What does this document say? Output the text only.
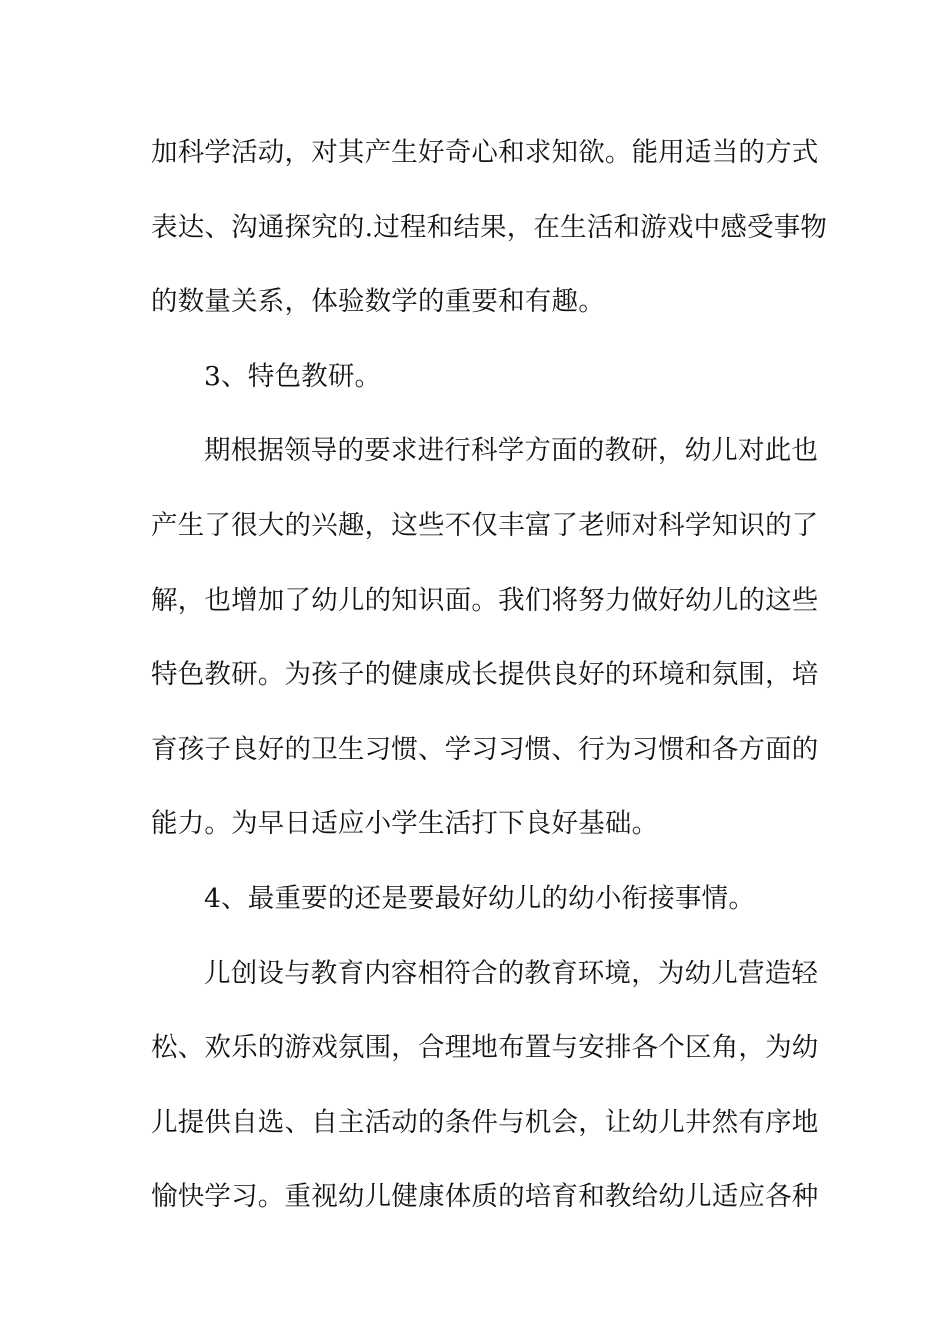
加科学活动，对其产生好奇心和求知欲。能用适当的方式
表达、沟通探究的.过程和结果，在生活和游戏中感受事物
的数量关系，体验数学的重要和有趣。
3、特色教研。
期根据领导的要求进行科学方面的教研，幼儿对此也
产生了很大的兴趣，这些不仅丰富了老师对科学知识的了
解，也增加了幼儿的知识面。我们将努力做好幼儿的这些
特色教研。为孩子的健康成长提供良好的环境和氛围，培
育孩子良好的卫生习惯、学习习惯、行为习惯和各方面的
能力。为早日适应小学生活打下良好基础。
4、最重要的还是要最好幼儿的幼小衔接事情。
儿创设与教育内容相符合的教育环境，为幼儿营造轻
松、欢乐的游戏氛围，合理地布置与安排各个区角，为幼
儿提供自选、自主活动的条件与机会，让幼儿井然有序地
愉快学习。重视幼儿健康体质的培育和教给幼儿适应各种
